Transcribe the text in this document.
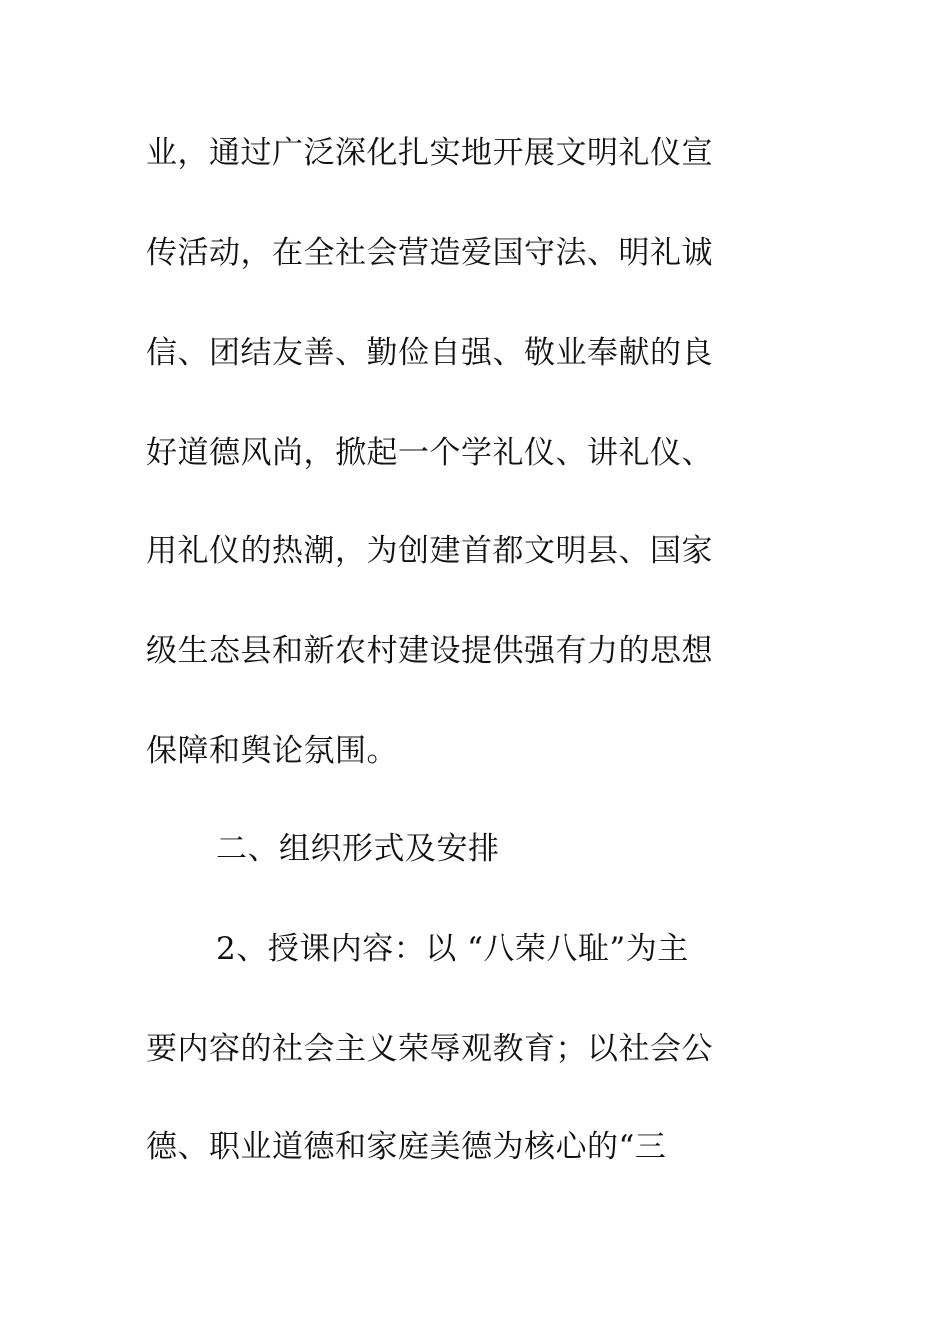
业，通过广泛深化扎实地开展文明礼仪宣
传活动，在全社会营造爱国守法、明礼诚
信、团结友善、勤俭自强、敬业奉献的良
好道德风尚，掀起一个学礼仪、讲礼仪、
用礼仪的热潮，为创建首都文明县、国家
级生态县和新农村建设提供强有力的思想
保障和舆论氛围。
二、组织形式及安排
2、授课内容：以 “八荣八耻”为主
要内容的社会主义荣辱观教育；以社会公
德、职业道德和家庭美德为核心的“三
